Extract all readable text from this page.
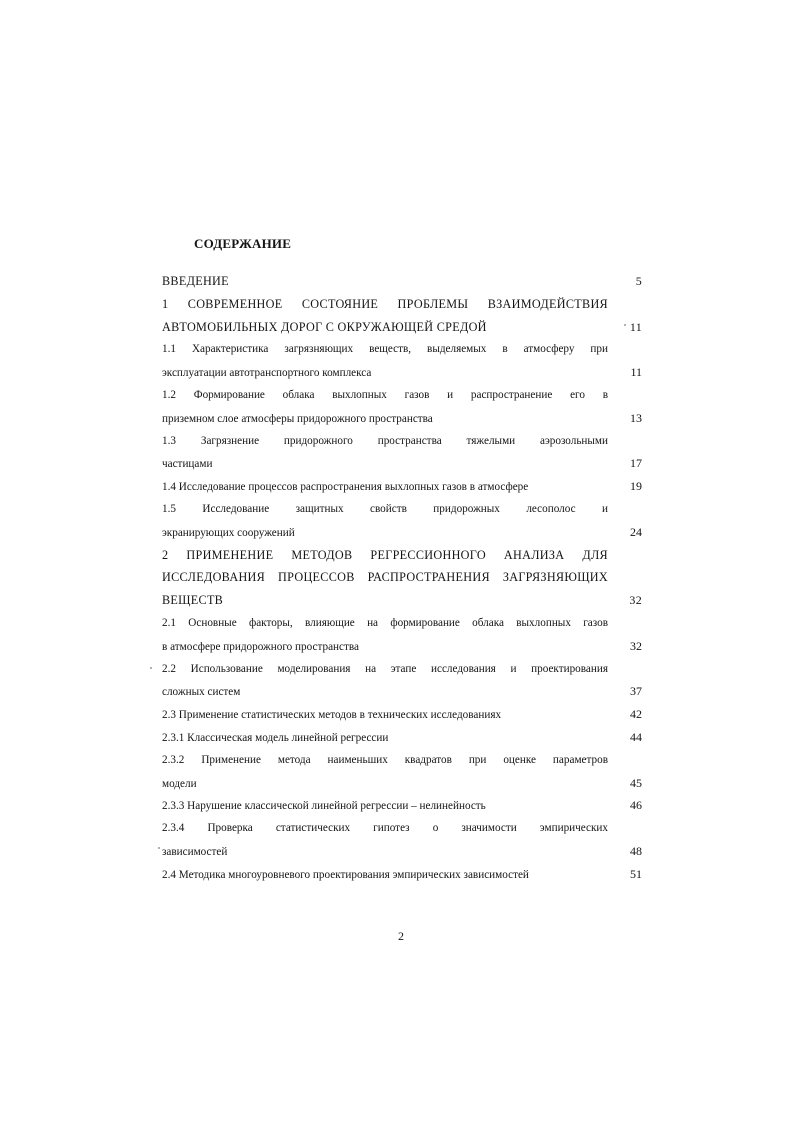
СОДЕРЖАНИЕ
ВВЕДЕНИЕ	5
1 СОВРЕМЕННОЕ СОСТОЯНИЕ ПРОБЛЕМЫ ВЗАИМОДЕЙСТВИЯ
АВТОМОБИЛЬНЫХ ДОРОГ С ОКРУЖАЮЩЕЙ СРЕДОЙ	11
1.1 Характеристика загрязняющих веществ, выделяемых в атмосферу при
эксплуатации автотранспортного комплекса	11
1.2 Формирование облака выхлопных газов и распространение его в
приземном слое атмосферы придорожного пространства	13
1.3 Загрязнение придорожного пространства тяжелыми аэрозольными
частицами	17
1.4 Исследование процессов распространения выхлопных газов в атмосфере	19
1.5 Исследование защитных свойств придорожных лесополос и
экранирующих сооружений	24
2 ПРИМЕНЕНИЕ МЕТОДОВ РЕГРЕССИОННОГО АНАЛИЗА ДЛЯ
ИССЛЕДОВАНИЯ ПРОЦЕССОВ РАСПРОСТРАНЕНИЯ ЗАГРЯЗНЯЮЩИХ
ВЕЩЕСТВ	32
2.1 Основные факторы, влияющие на формирование облака выхлопных газов
в атмосфере придорожного пространства	32
2.2 Использование моделирования на этапе исследования и проектирования
сложных систем	37
2.3 Применение статистических методов в технических исследованиях	42
2.3.1 Классическая модель линейной регрессии	44
2.3.2 Применение метода наименьших квадратов при оценке параметров
модели	45
2.3.3 Нарушение классической линейной регрессии – нелинейность	46
2.3.4 Проверка статистических гипотез о значимости эмпирических
зависимостей	48
2.4 Методика многоуровневого проектирования эмпирических зависимостей	51
2
